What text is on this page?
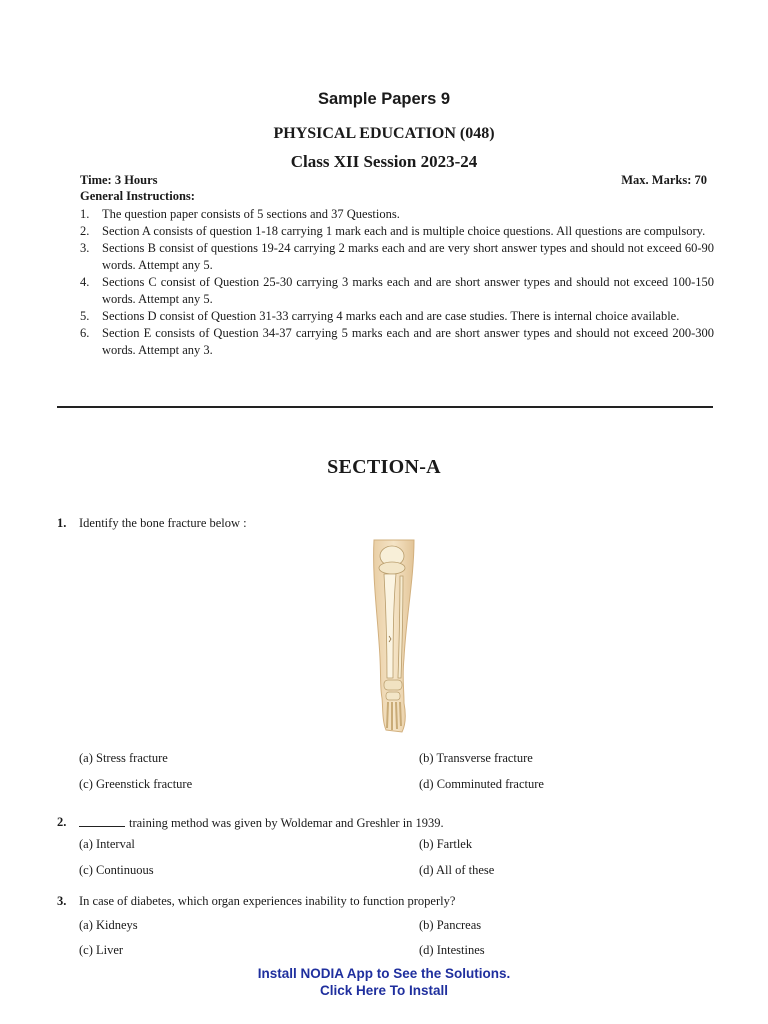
Sample Papers 9
PHYSICAL EDUCATION (048)
Class XII Session 2023-24
Time: 3 Hours	Max. Marks: 70
General Instructions:
1. The question paper consists of 5 sections and 37 Questions.
2. Section A consists of question 1-18 carrying 1 mark each and is multiple choice questions. All questions are compulsory.
3. Sections B consist of questions 19-24 carrying 2 marks each and are very short answer types and should not exceed 60-90 words. Attempt any 5.
4. Sections C consist of Question 25-30 carrying 3 marks each and are short answer types and should not exceed 100-150 words. Attempt any 5.
5. Sections D consist of Question 31-33 carrying 4 marks each and are case studies. There is internal choice available.
6. Section E consists of Question 34-37 carrying 5 marks each and are short answer types and should not exceed 200-300 words. Attempt any 3.
SECTION-A
1. Identify the bone fracture below :
(a) Stress fracture	(b) Transverse fracture
(c) Greenstick fracture	(d) Comminuted fracture
2.	training method was given by Woldemar and Greshler in 1939.
(a) Interval	(b) Fartlek
(c) Continuous	(d) All of these
3. In case of diabetes, which organ experiences inability to function properly?
(a) Kidneys	(b) Pancreas
(c) Liver	(d) Intestines
Install NODIA App to See the Solutions.
Click Here To Install
